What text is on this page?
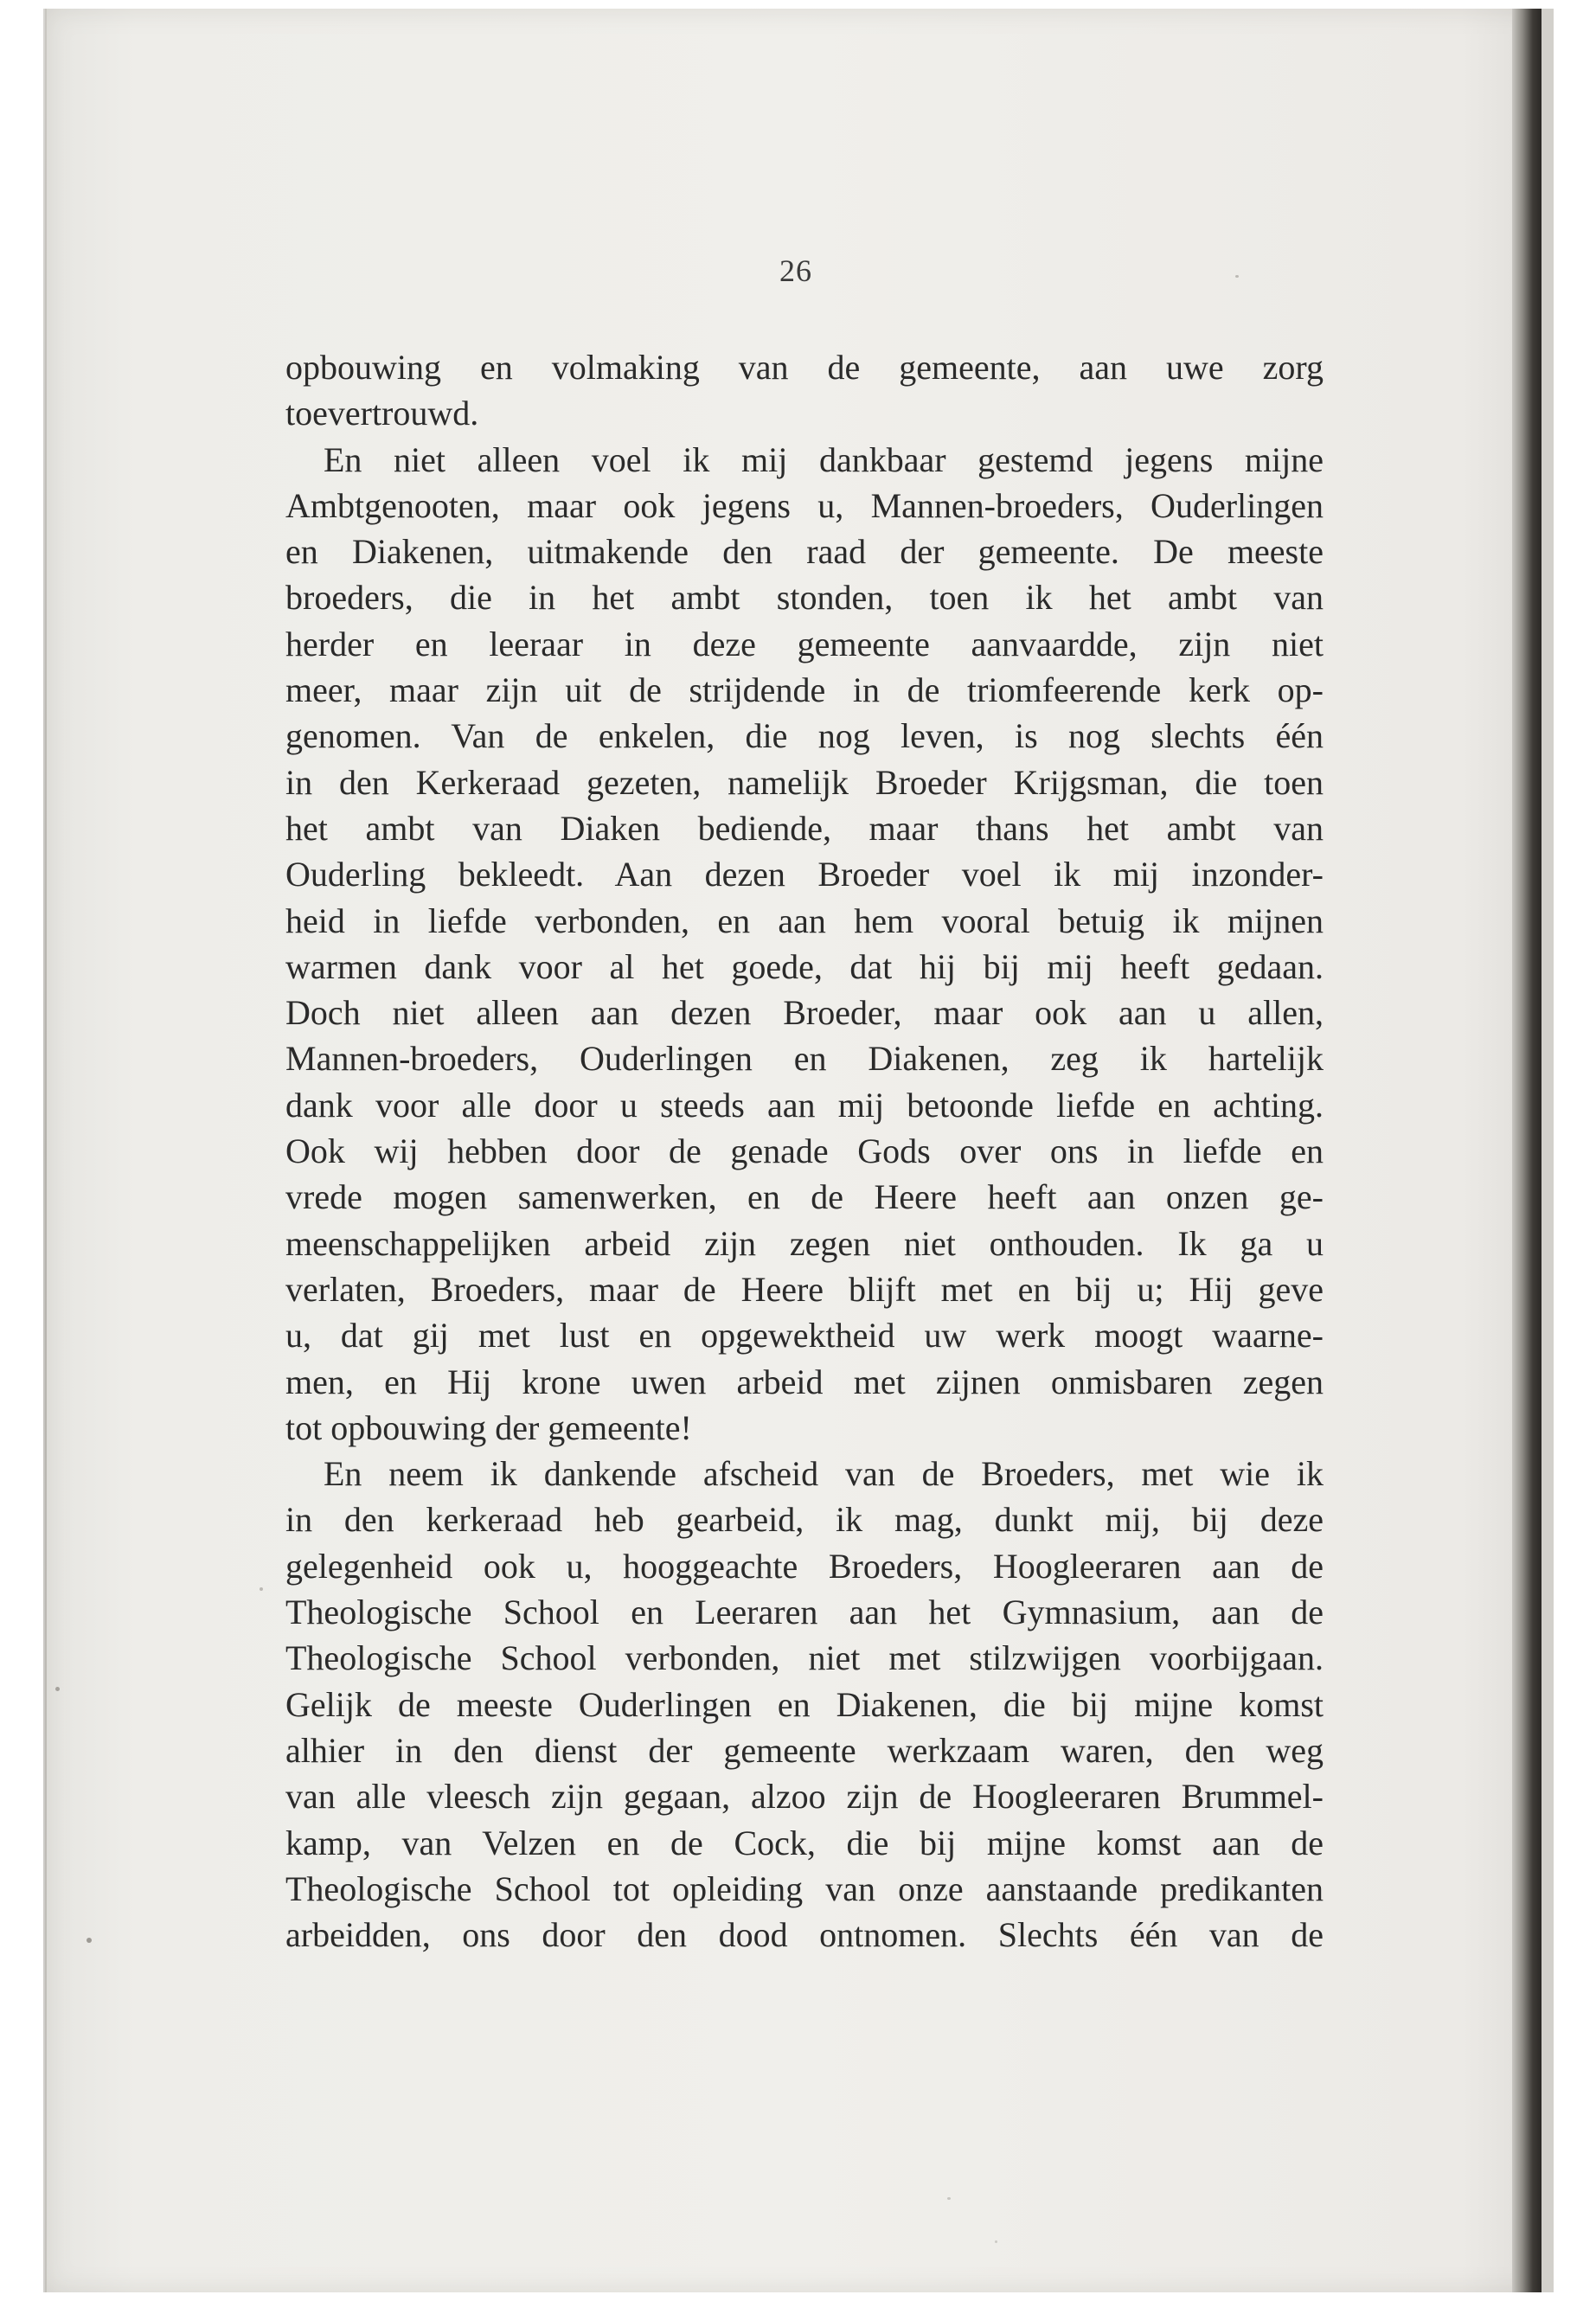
26
opbouwing en volmaking van de gemeente, aan uwe zorg
toevertrouwd.
En niet alleen voel ik mij dankbaar gestemd jegens mijne
Ambtgenooten, maar ook jegens u, Mannen-broeders, Ouderlingen
en Diakenen, uitmakende den raad der gemeente. De meeste
broeders, die in het ambt stonden, toen ik het ambt van
herder en leeraar in deze gemeente aanvaardde, zijn niet
meer, maar zijn uit de strijdende in de triomfeerende kerk op-
genomen. Van de enkelen, die nog leven, is nog slechts één
in den Kerkeraad gezeten, namelijk Broeder Krijgsman, die toen
het ambt van Diaken bediende, maar thans het ambt van
Ouderling bekleedt. Aan dezen Broeder voel ik mij inzonder-
heid in liefde verbonden, en aan hem vooral betuig ik mijnen
warmen dank voor al het goede, dat hij bij mij heeft gedaan.
Doch niet alleen aan dezen Broeder, maar ook aan u allen,
Mannen-broeders, Ouderlingen en Diakenen, zeg ik hartelijk
dank voor alle door u steeds aan mij betoonde liefde en achting.
Ook wij hebben door de genade Gods over ons in liefde en
vrede mogen samenwerken, en de Heere heeft aan onzen ge-
meenschappelijken arbeid zijn zegen niet onthouden. Ik ga u
verlaten, Broeders, maar de Heere blijft met en bij u; Hij geve
u, dat gij met lust en opgewektheid uw werk moogt waarne-
men, en Hij krone uwen arbeid met zijnen onmisbaren zegen
tot opbouwing der gemeente!
En neem ik dankende afscheid van de Broeders, met wie ik
in den kerkeraad heb gearbeid, ik mag, dunkt mij, bij deze
gelegenheid ook u, hooggeachte Broeders, Hoogleeraren aan de
Theologische School en Leeraren aan het Gymnasium, aan de
Theologische School verbonden, niet met stilzwijgen voorbijgaan.
Gelijk de meeste Ouderlingen en Diakenen, die bij mijne komst
alhier in den dienst der gemeente werkzaam waren, den weg
van alle vleesch zijn gegaan, alzoo zijn de Hoogleeraren Brummel-
kamp, van Velzen en de Cock, die bij mijne komst aan de
Theologische School tot opleiding van onze aanstaande predikanten
arbeidden, ons door den dood ontnomen. Slechts één van de
